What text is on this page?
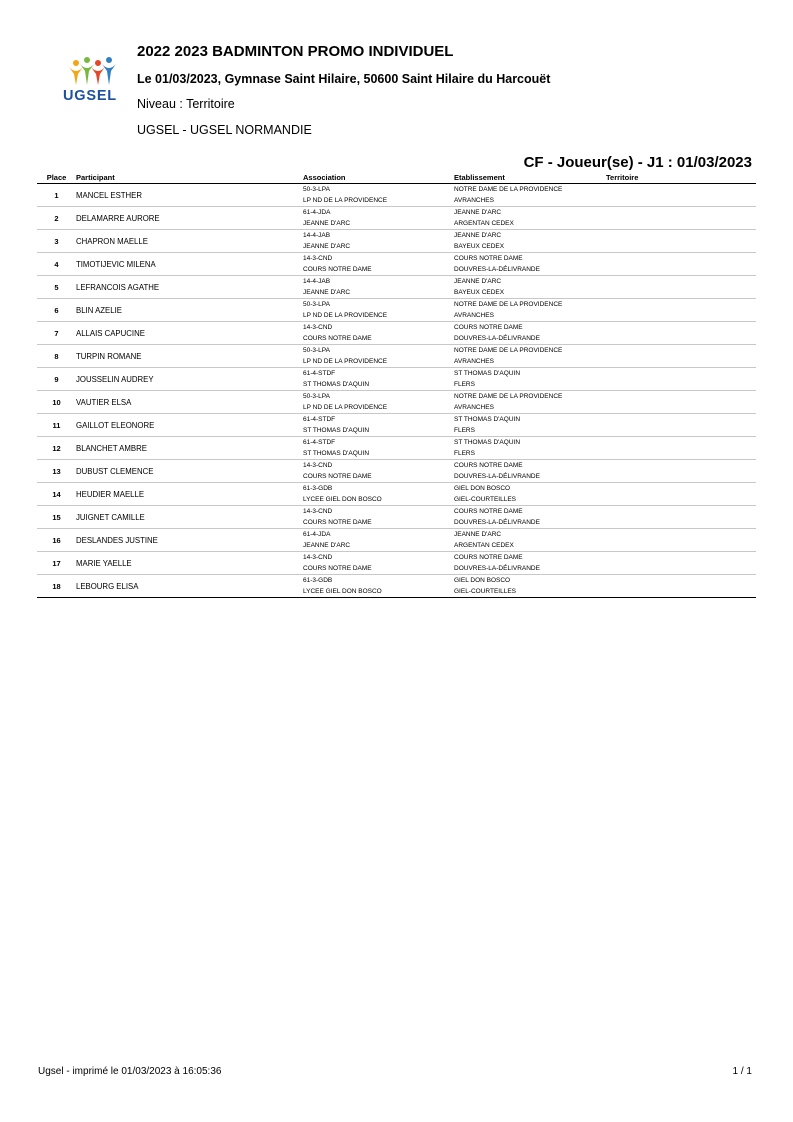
UGSEL
2022 2023 BADMINTON PROMO INDIVIDUEL
Le 01/03/2023, Gymnase Saint Hilaire, 50600 Saint Hilaire du Harcouët
Niveau : Territoire
UGSEL - UGSEL NORMANDIE
CF - Joueur(se) - J1 : 01/03/2023
Place	Participant	Association	Etablissement	Territoire
1	MANCEL ESTHER	50-3-LPA	NOTRE DAME DE LA PROVIDENCE	
		LP ND DE LA PROVIDENCE	AVRANCHES	
2	DELAMARRE AURORE	61-4-JDA	JEANNE D'ARC	
		JEANNE D'ARC	ARGENTAN CEDEX	
3	CHAPRON MAELLE	14-4-JAB	JEANNE D'ARC	
		JEANNE D'ARC	BAYEUX CEDEX	
4	TIMOTIJEVIC MILENA	14-3-CND	COURS NOTRE DAME	
		COURS NOTRE DAME	DOUVRES-LA-DÉLIVRANDE	
5	LEFRANCOIS AGATHE	14-4-JAB	JEANNE D'ARC	
		JEANNE D'ARC	BAYEUX CEDEX	
6	BLIN AZELIE	50-3-LPA	NOTRE DAME DE LA PROVIDENCE	
		LP ND DE LA PROVIDENCE	AVRANCHES	
7	ALLAIS CAPUCINE	14-3-CND	COURS NOTRE DAME	
		COURS NOTRE DAME	DOUVRES-LA-DÉLIVRANDE	
8	TURPIN ROMANE	50-3-LPA	NOTRE DAME DE LA PROVIDENCE	
		LP ND DE LA PROVIDENCE	AVRANCHES	
9	JOUSSELIN AUDREY	61-4-STDF	ST THOMAS D'AQUIN	
		ST THOMAS D'AQUIN	FLERS	
10	VAUTIER ELSA	50-3-LPA	NOTRE DAME DE LA PROVIDENCE	
		LP ND DE LA PROVIDENCE	AVRANCHES	
11	GAILLOT ELEONORE	61-4-STDF	ST THOMAS D'AQUIN	
		ST THOMAS D'AQUIN	FLERS	
12	BLANCHET AMBRE	61-4-STDF	ST THOMAS D'AQUIN	
		ST THOMAS D'AQUIN	FLERS	
13	DUBUST CLEMENCE	14-3-CND	COURS NOTRE DAME	
		COURS NOTRE DAME	DOUVRES-LA-DÉLIVRANDE	
14	HEUDIER MAELLE	61-3-GDB	GIEL DON BOSCO	
		LYCEE GIEL DON BOSCO	GIEL-COURTEILLES	
15	JUIGNET CAMILLE	14-3-CND	COURS NOTRE DAME	
		COURS NOTRE DAME	DOUVRES-LA-DÉLIVRANDE	
16	DESLANDES JUSTINE	61-4-JDA	JEANNE D'ARC	
		JEANNE D'ARC	ARGENTAN CEDEX	
17	MARIE YAELLE	14-3-CND	COURS NOTRE DAME	
		COURS NOTRE DAME	DOUVRES-LA-DÉLIVRANDE	
18	LEBOURG ELISA	61-3-GDB	GIEL DON BOSCO	
		LYCEE GIEL DON BOSCO	GIEL-COURTEILLES	
Ugsel - imprimé le 01/03/2023 à 16:05:36	1 / 1
